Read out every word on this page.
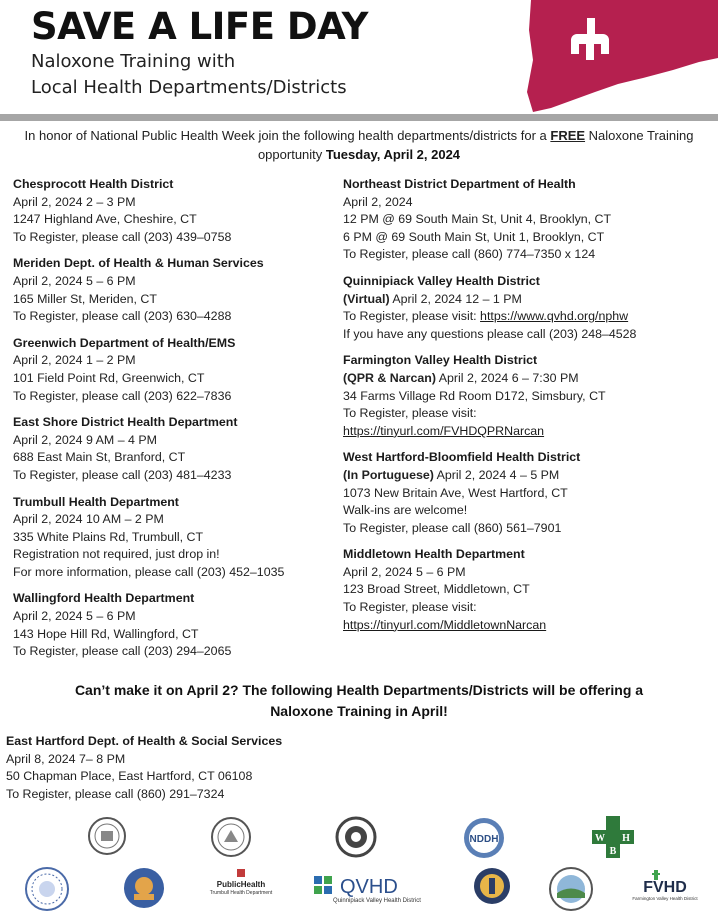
SAVE A LIFE DAY
Naloxone Training with
Local Health Departments/Districts
In honor of National Public Health Week join the following health departments/districts for a FREE Naloxone Training opportunity Tuesday, April 2, 2024
Chesprocott Health District
April 2, 2024 2 – 3 PM
1247 Highland Ave, Cheshire, CT
To Register, please call (203) 439–0758
Meriden Dept. of Health & Human Services
April 2, 2024 5 – 6 PM
165 Miller St, Meriden, CT
To Register, please call (203) 630–4288
Greenwich Department of Health/EMS
April 2, 2024 1 – 2 PM
101 Field Point Rd, Greenwich, CT
To Register, please call (203) 622–7836
East Shore District Health Department
April 2, 2024 9 AM – 4 PM
688 East Main St, Branford, CT
To Register, please call (203) 481–4233
Trumbull Health Department
April 2, 2024 10 AM – 2 PM
335 White Plains Rd, Trumbull, CT
Registration not required, just drop in!
For more information, please call (203) 452–1035
Wallingford Health Department
April 2, 2024 5 – 6 PM
143 Hope Hill Rd, Wallingford, CT
To Register, please call (203) 294–2065
Northeast District Department of Health
April 2, 2024
12 PM @ 69 South Main St, Unit 4, Brooklyn, CT
6 PM @ 69 South Main St, Unit 1, Brooklyn, CT
To Register, please call (860) 774–7350 x 124
Quinnipiack Valley Health District
(Virtual) April 2, 2024 12 – 1 PM
To Register, please visit: https://www.qvhd.org/nphw
If you have any questions please call (203) 248–4528
Farmington Valley Health District
(QPR & Narcan) April 2, 2024 6 – 7:30 PM
34 Farms Village Rd Room D172, Simsbury, CT
To Register, please visit:
https://tinyurl.com/FVHDQPRNarcan
West Hartford-Bloomfield Health District
(In Portuguese) April 2, 2024 4 – 5 PM
1073 New Britain Ave, West Hartford, CT
Walk-ins are welcome!
To Register, please call (860) 561–7901
Middletown Health Department
April 2, 2024 5 – 6 PM
123 Broad Street, Middletown, CT
To Register, please visit:
https://tinyurl.com/MiddletownNarcan
Can’t make it on April 2? The following Health Departments/Districts will be offering a
Naloxone Training in April!
East Hartford Dept. of Health & Social Services
April 8, 2024 7– 8 PM
50 Chapman Place, East Hartford, CT 06108
To Register, please call (860) 291–7324
NDDH	W
B
H
PublicHealth
Trumbull Health Department	QVHD
Quinnipiack Valley Health District
FVHD
Farmington Valley Health District
